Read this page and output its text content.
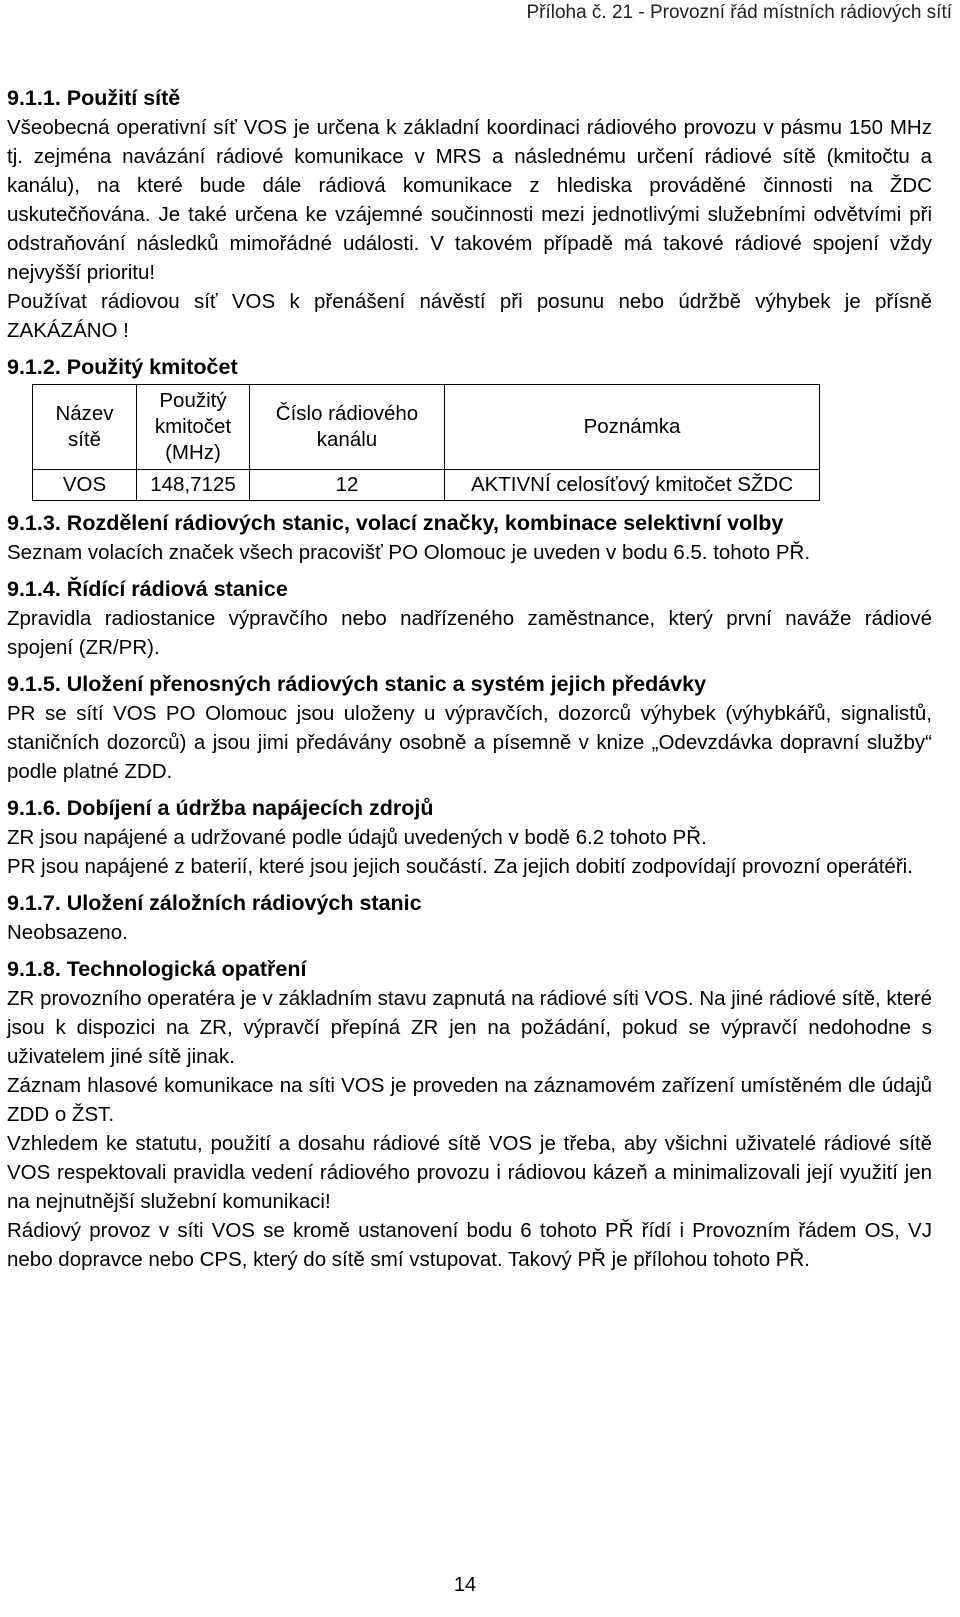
Příloha č. 21 - Provozní řád místních rádiových sítí
9.1.1. Použití sítě

Všeobecná operativní síť VOS je určena k základní koordinaci rádiového provozu v pásmu 150 MHz tj. zejména navázání rádiové komunikace v MRS a následnému určení rádiové sítě (kmitočtu a kanálu), na které bude dále rádiová komunikace z hlediska prováděné činnosti na ŽDC uskutečňována. Je také určena ke vzájemné součinnosti mezi jednotlivými služebními odvětvími při odstraňování následků mimořádné události. V takovém případě má takové rádiové spojení vždy nejvyšší prioritu!

Používat rádiovou síť VOS k přenášení návěstí při posunu nebo údržbě výhybek je přísně ZAKÁZÁNO !

9.1.2. Použitý kmitočet
Název sítě	Použitý kmitočet (MHz)	Číslo rádiového kanálu	Poznámka
VOS	148,7125	12	AKTIVNÍ celosíťový kmitočet SŽDC
9.1.3. Rozdělení rádiových stanic, volací značky, kombinace selektivní volby

Seznam volacích značek všech pracovišť PO Olomouc je uveden v bodu 6.5. tohoto PŘ.

9.1.4. Řídící rádiová stanice

Zpravidla radiostanice výpravčího nebo nadřízeného zaměstnance, který první naváže rádiové spojení (ZR/PR).

9.1.5. Uložení přenosných rádiových stanic a systém jejich předávky

PR se sítí VOS PO Olomouc jsou uloženy u výpravčích, dozorců výhybek (výhybkářů, signalistů, staničních dozorců) a jsou jimi předávány osobně a písemně v knize „Odevzdávka dopravní služby“ podle platné ZDD.

9.1.6. Dobíjení a údržba napájecích zdrojů

ZR jsou napájené a udržované podle údajů uvedených v bodě 6.2 tohoto PŘ.

PR jsou napájené z baterií, které jsou jejich součástí. Za jejich dobití zodpovídají provozní operátéři.

9.1.7. Uložení záložních rádiových stanic

Neobsazeno.

9.1.8. Technologická opatření

ZR provozního operatéra je v základním stavu zapnutá na rádiové síti VOS. Na jiné rádiové sítě, které jsou k dispozici na ZR, výpravčí přepíná ZR jen na požádání, pokud se výpravčí nedohodne s uživatelem jiné sítě jinak.

Záznam hlasové komunikace na síti VOS je proveden na záznamovém zařízení umístěném dle údajů ZDD o ŽST.

Vzhledem ke statutu, použití a dosahu rádiové sítě VOS je třeba, aby všichni uživatelé rádiové sítě VOS respektovali pravidla vedení rádiového provozu i rádiovou kázeň a minimalizovali její využití jen na nejnutnější služební komunikaci!

Rádiový provoz v síti VOS se kromě ustanovení bodu 6 tohoto PŘ řídí i Provozním řádem OS, VJ nebo dopravce nebo CPS, který do sítě smí vstupovat. Takový PŘ je přílohou tohoto PŘ.

14
